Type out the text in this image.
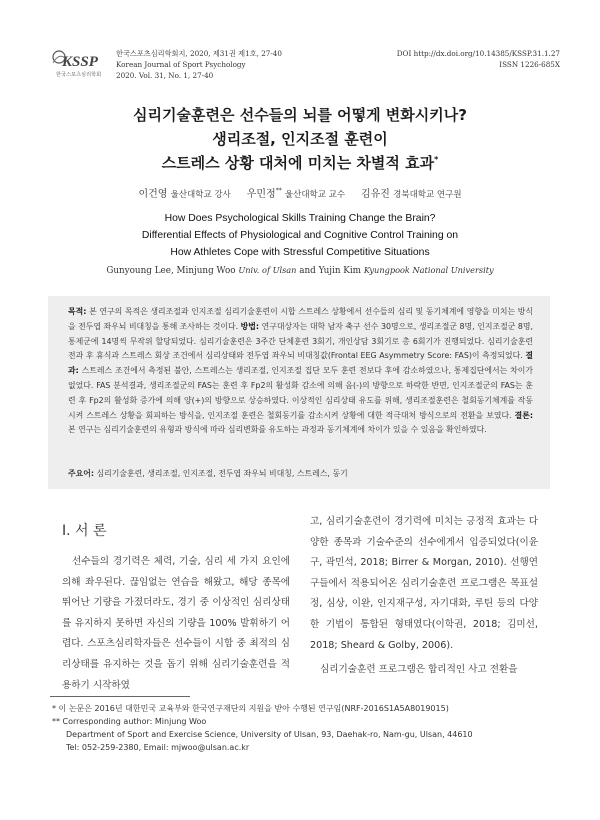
KSSP
한국스포츠심리학회
한국스포츠심리학회지, 2020, 제31권 제1호, 27-40
Korean Journal of Sport Psychology
2020. Vol. 31, No. 1, 27-40
DOI http://dx.doi.org/10.14385/KSSP.31.1.27
ISSN 1226-685X
심리기술훈련은 선수들의 뇌를 어떻게 변화시키나?
생리조절, 인지조절 훈련이
스트레스 상황 대처에 미치는 차별적 효과*
이건영 울산대학교 강사 우민정** 울산대학교 교수 김유진 경북대학교 연구원
How Does Psychological Skills Training Change the Brain?
Differential Effects of Physiological and Cognitive Control Training on
How Athletes Cope with Stressful Competitive Situations
Gunyoung Lee, Minjung Woo Univ. of Ulsan and Yujin Kim Kyungpook National University
목적: 본 연구의 목적은 생리조절과 인지조절 심리기술훈련이 시합 스트레스 상황에서 선수들의 심리 및 동기체계에 영향을 미치는 방식을 전두엽 좌우뇌 비대칭을 통해 조사하는 것이다. 방법: 연구대상자는 대학 남자 축구 선수 30명으로, 생리조절군 8명, 인지조절군 8명, 통제군에 14명씩 무작위 할당되었다. 심리기술훈련은 3주간 단체훈련 3회기, 개인상담 3회기로 총 6회기가 진행되었다. 심리기술훈련 전과 후 휴식과 스트레스 회상 조건에서 심리상태와 전두엽 좌우뇌 비대칭값(Frontal EEG Asymmetry Score: FAS)이 측정되었다. 결과: 스트레스 조건에서 측정된 불안, 스트레스는 생리조절, 인지조절 집단 모두 훈련 전보다 후에 감소하였으나, 통제집단에서는 차이가 없었다. FAS 분석결과, 생리조절군의 FAS는 훈련 후 Fp2의 활성화 감소에 의해 음(-)의 방향으로 하락한 반면, 인지조절군의 FAS는 훈련 후 Fp2의 활성화 증가에 의해 양(+)의 방향으로 상승하였다. 이상적인 심리상태 유도를 위해, 생리조절훈련은 철회동기체계를 작동시켜 스트레스 상황을 회피하는 방식을, 인지조절 훈련은 철회동기를 감소시켜 상황에 대한 적극대처 방식으로의 전환을 보였다. 결론: 본 연구는 심리기술훈련의 유형과 방식에 따라 심리변화를 유도하는 과정과 동기체계에 차이가 있을 수 있음을 확인하였다.
주요어: 심리기술훈련, 생리조절, 인지조절, 전두엽 좌우뇌 비대칭, 스트레스, 동기
Ⅰ. 서 론

선수들의 경기력은 체력, 기술, 심리 세 가지 요인에 의해 좌우된다. 끊임없는 연습을 해왔고, 해당 종목에 뛰어난 기량을 가졌더라도, 경기 중 이상적인 심리상태를 유지하지 못하면 자신의 기량을 100% 발휘하기 어렵다. 스포츠심리학자들은 선수들이 시합 중 최적의 심리상태를 유지하는 것을 돕기 위해 심리기술훈련을 적용하기 시작하였

고, 심리기술훈련이 경기력에 미치는 긍정적 효과는 다양한 종목과 기술수준의 선수에게서 입증되었다(이윤구, 곽민석, 2018; Birrer & Morgan, 2010). 선행연구들에서 적용되어온 심리기술훈련 프로그램은 목표설정, 심상, 이완, 인지재구성, 자기대화, 루틴 등의 다양한 기법이 통합된 형태였다(이학권, 2018; 김미선, 2018; Sheard & Golby, 2006).

심리기술훈련 프로그램은 합리적인 사고 전환을

* 이 논문은 2016년 대한민국 교육부와 한국연구재단의 지원을 받아 수행된 연구임(NRF-2016S1A5A8019015)
** Corresponding author: Minjung Woo
Department of Sport and Exercise Science, University of Ulsan, 93, Daehak-ro, Nam-gu, Ulsan, 44610
Tel: 052-259-2380, Email: mjwoo@ulsan.ac.kr
